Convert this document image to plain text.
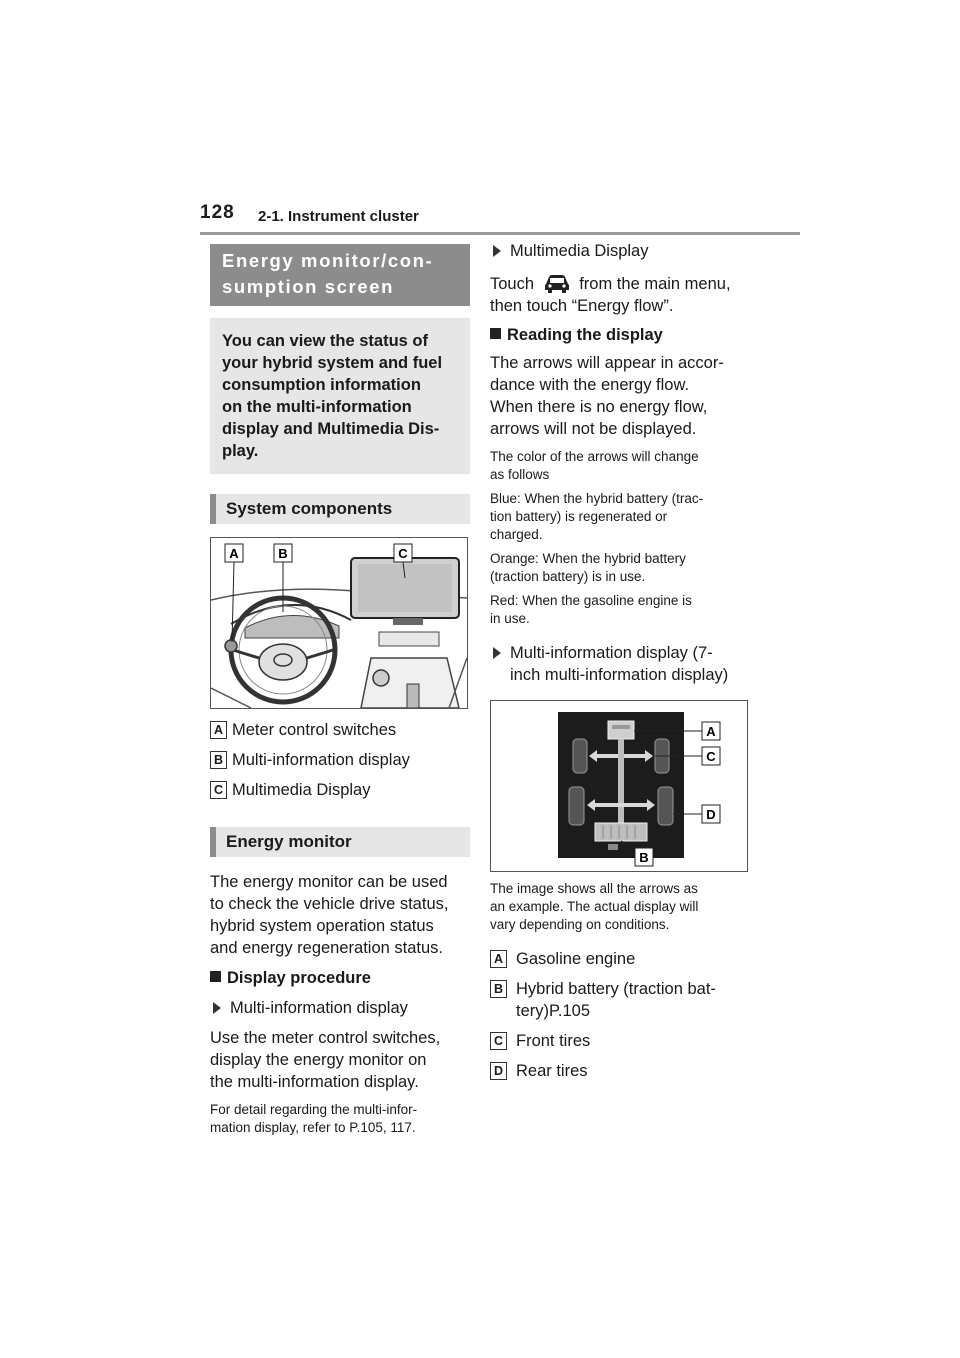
128 2-1. Instrument cluster
Energy monitor/con-
sumption screen
You can view the status of
your hybrid system and fuel
consumption information
on the multi-information
display and Multimedia Dis-
play.
System components
A	B	C
A Meter control switches
B Multi-information display
C Multimedia Display
Energy monitor
The energy monitor can be used
to check the vehicle drive status,
hybrid system operation status
and energy regeneration status.
Display procedure
Multi-information display
Use the meter control switches,
display the energy monitor on
the multi-information display.
For detail regarding the multi-infor-
mation display, refer to P.105, 117.
Multimedia Display
Touch	from the main menu,
then touch “Energy flow”.
Reading the display
The arrows will appear in accor-
dance with the energy flow.
When there is no energy flow,
arrows will not be displayed.
The color of the arrows will change
as follows
Blue: When the hybrid battery (trac-
tion battery) is regenerated or
charged.
Orange: When the hybrid battery
(traction battery) is in use.
Red: When the gasoline engine is
in use.
Multi-information display (7-
inch multi-information display)
A
C
D
B
The image shows all the arrows as
an example. The actual display will
vary depending on conditions.
A Gasoline engine
B Hybrid battery (traction bat-
tery)P.105
C Front tires
D Rear tires
